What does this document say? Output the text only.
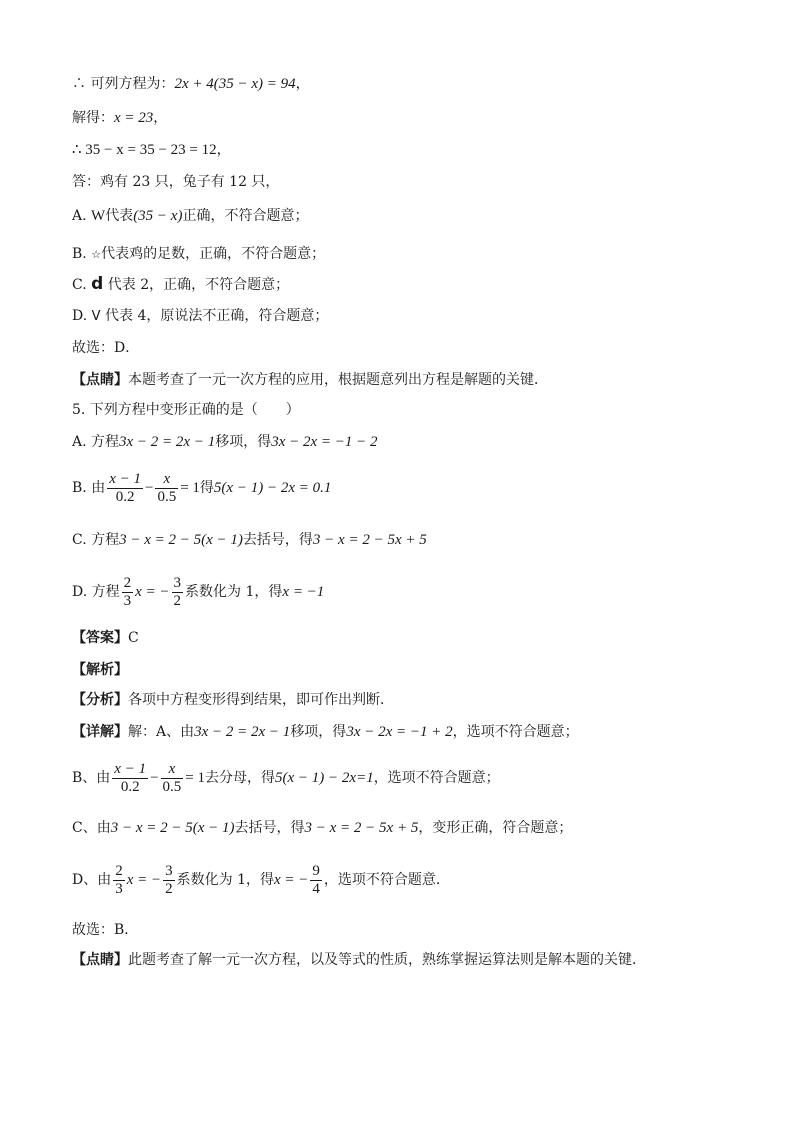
∴ 可列方程为：2x + 4(35 − x) = 94，
解得：x = 23，
∴ 35 − x = 35 − 23 = 12，
答：鸡有 23 只，兔子有 12 只，
A. W代表(35 − x)正确，不符合题意；
B. ☆代表鸡的足数，正确，不符合题意；
C. d 代表 2，正确，不符合题意；
D. V 代表 4，原说法不正确，符合题意；
故选：D．
【点睛】本题考查了一元一次方程的应用，根据题意列出方程是解题的关键．
5. 下列方程中变形正确的是（　　）
A. 方程3x − 2 = 2x − 1移项，得3x − 2x = −1 − 2
B. 由 $\frac{x - 1}{0.2} - \frac{x}{0.5} = 1$得5(x − 1) − 2x = 0.1
C. 方程3 − x = 2 − 5(x − 1)去括号，得3 − x = 2 − 5x + 5
D. 方程 $\frac{2}{3}$ x = − $\frac{3}{2}$ 系数化为 1，得x = −1
【答案】C
【解析】
【分析】各项中方程变形得到结果，即可作出判断．
【详解】解：A、由3x − 2 = 2x − 1移项，得3x − 2x = −1 + 2，选项不符合题意；
B、由 $\frac{x - 1}{0.2} - \frac{x}{0.5} = 1$去分母，得5(x − 1) − 2x=1，选项不符合题意；
C、由3 − x = 2 − 5(x − 1)去括号，得3 − x = 2 − 5x + 5，变形正确，符合题意；
D、由 $\frac{2}{3}$ x = − $\frac{3}{2}$ 系数化为 1，得x = − $\frac{9}{4}$ ，选项不符合题意．
故选：B．
【点睛】此题考查了解一元一次方程，以及等式的性质，熟练掌握运算法则是解本题的关键．
